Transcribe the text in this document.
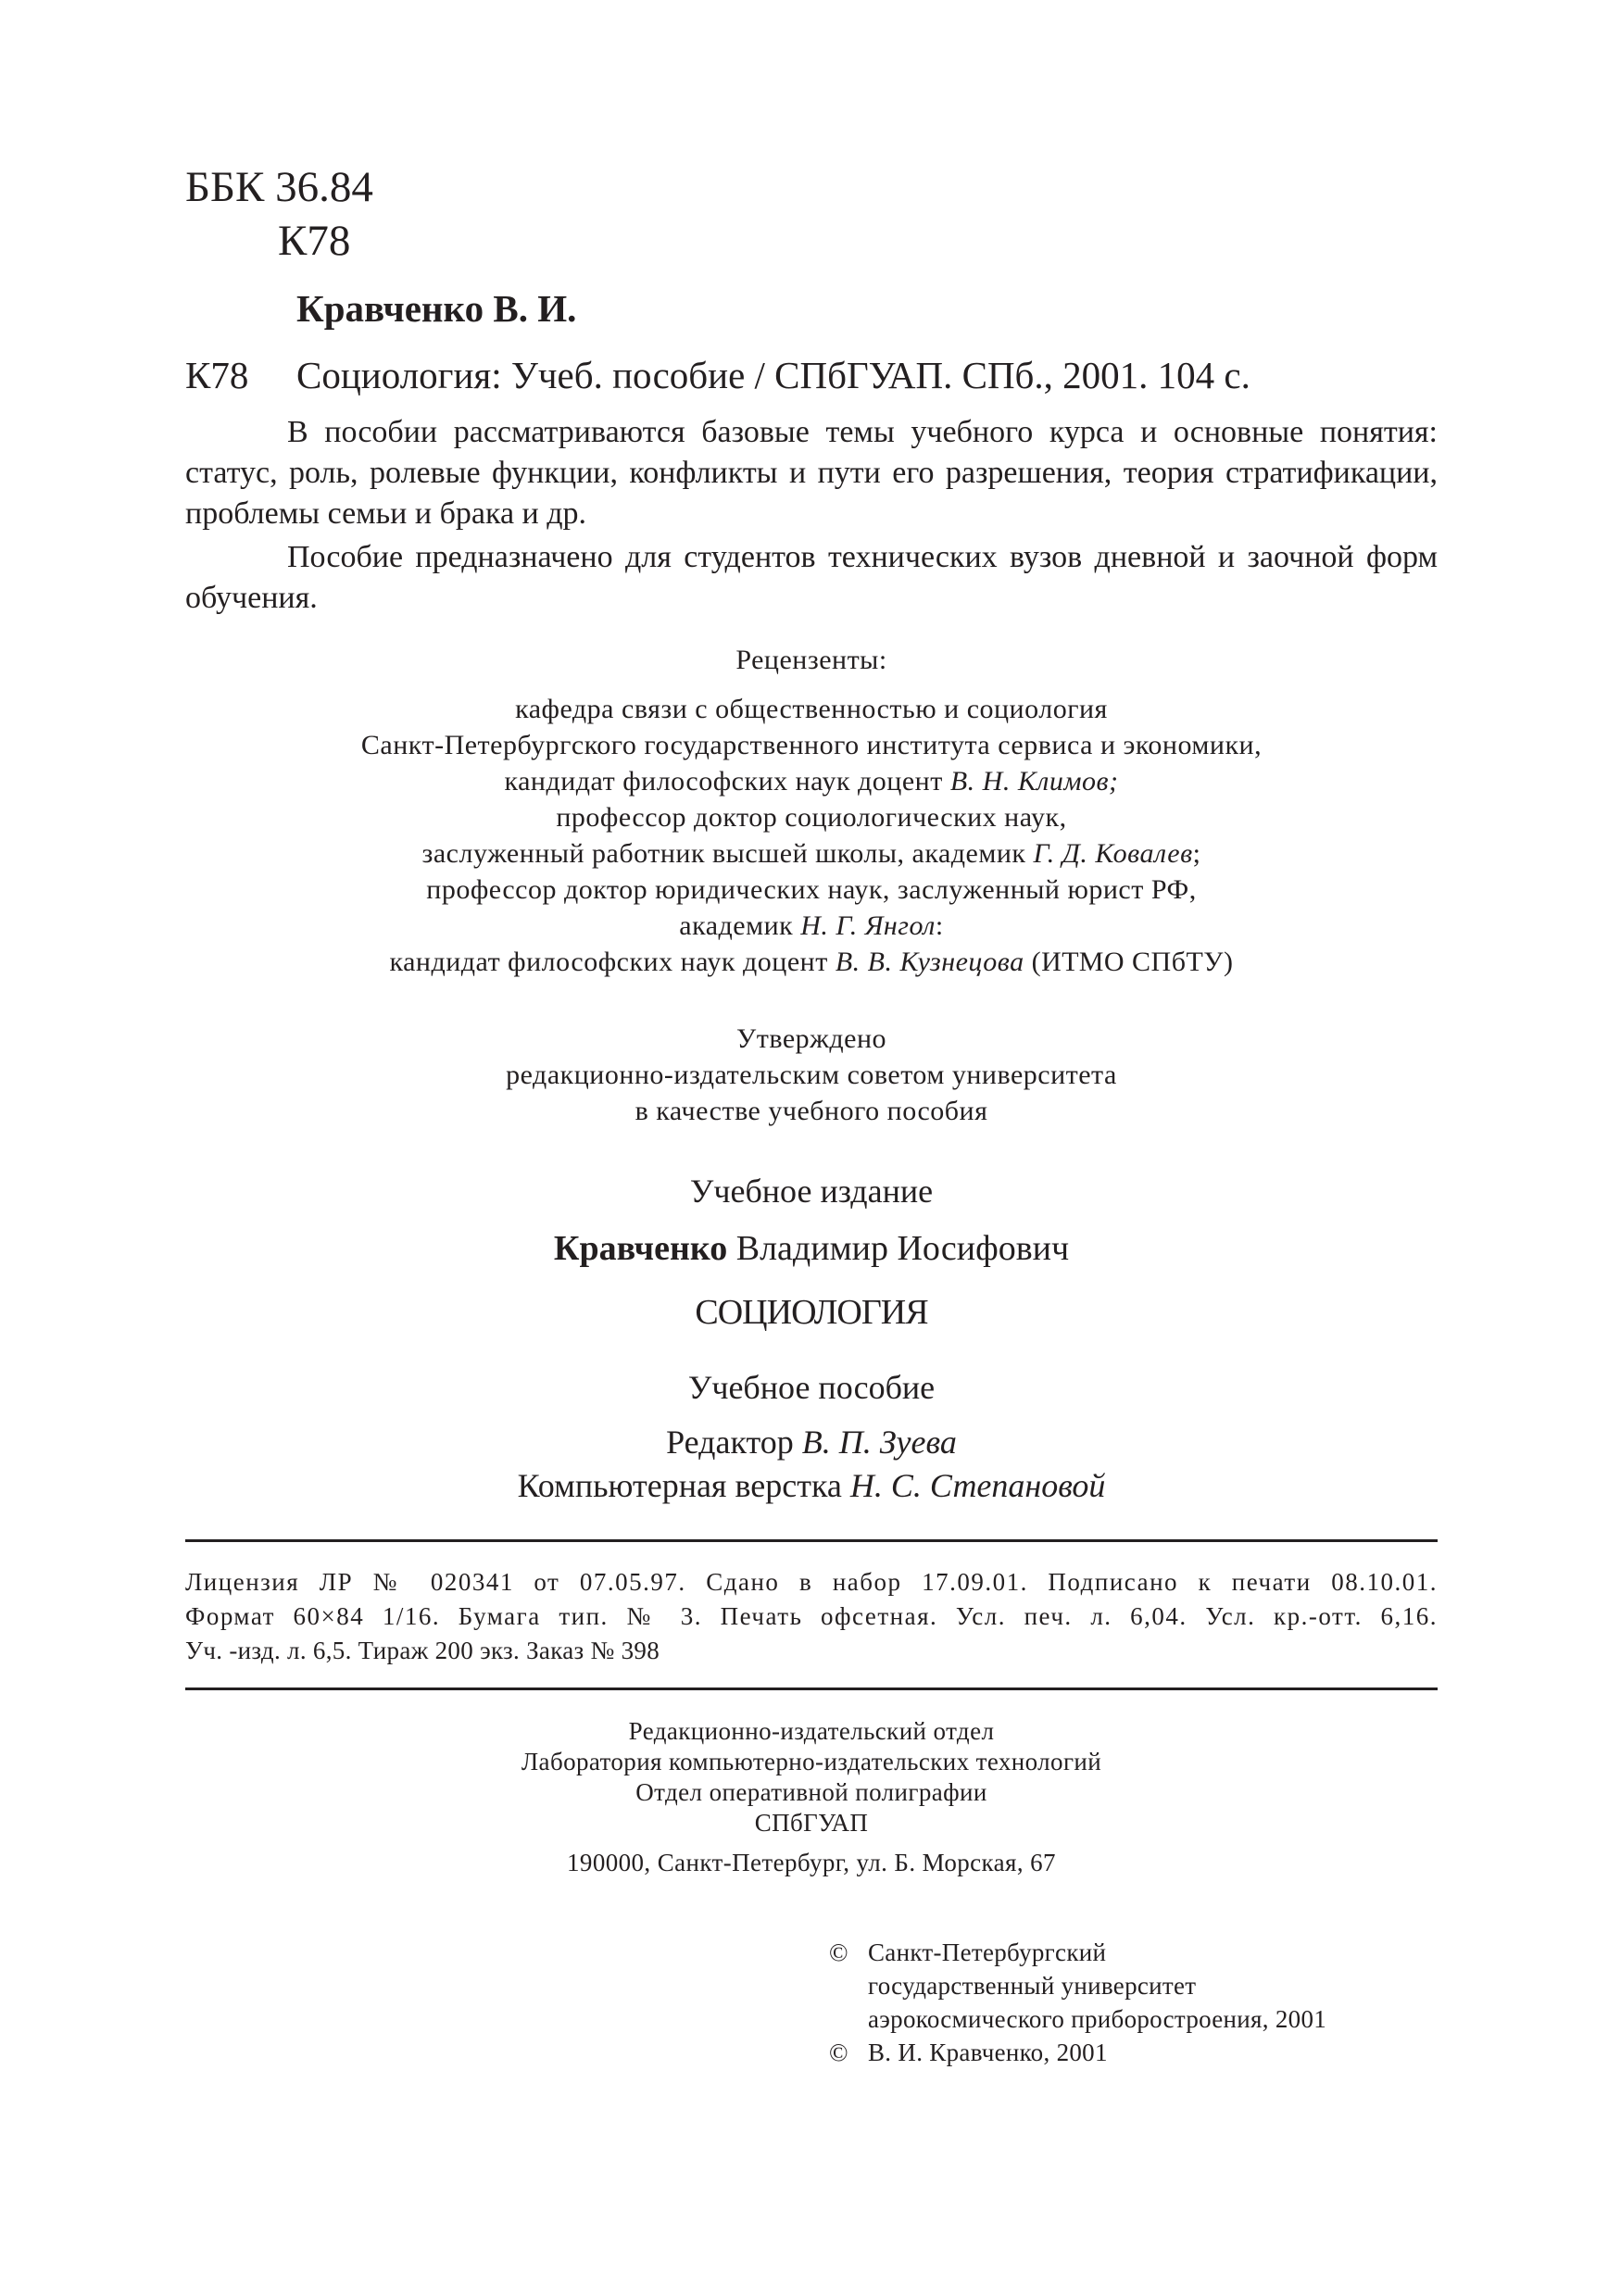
ББК 36.84
К78
Кравченко В. И.
К78 Социология: Учеб. пособие / СПбГУАП. СПб., 2001. 104 с.
В пособии рассматриваются базовые темы учебного курса и основные понятия: статус, роль, ролевые функции, конфликты и пути его разрешения, теория стратификации, проблемы семьи и брака и др.
Пособие предназначено для студентов технических вузов дневной и заочной форм обучения.
Рецензенты:
кафедра связи с общественностью и социология
Санкт-Петербургского государственного института сервиса и экономики,
кандидат философских наук доцент В. Н. Климов;
профессор доктор социологических наук,
заслуженный работник высшей школы, академик Г. Д. Ковалев;
профессор доктор юридических наук, заслуженный юрист РФ,
академик Н. Г. Янгол:
кандидат философских наук доцент В. В. Кузнецова (ИТМО СПбТУ)
Утверждено
редакционно-издательским советом университета
в качестве учебного пособия
Учебное издание
Кравченко Владимир Иосифович
СОЦИОЛОГИЯ
Учебное пособие
Редактор В. П. Зуева
Компьютерная верстка Н. С. Степановой
Лицензия ЛР № 020341 от 07.05.97. Сдано в набор 17.09.01. Подписано к печати 08.10.01.
Формат 60×84 1/16. Бумага тип. № 3. Печать офсетная. Усл. печ. л. 6,04. Усл. кр.-отт. 6,16.
Уч. -изд. л. 6,5. Тираж 200 экз. Заказ № 398
Редакционно-издательский отдел
Лаборатория компьютерно-издательских технологий
Отдел оперативной полиграфии
СПбГУАП
190000, Санкт-Петербург, ул. Б. Морская, 67
© Санкт-Петербургский
государственный университет
аэрокосмического приборостроения, 2001
© В. И. Кравченко, 2001
